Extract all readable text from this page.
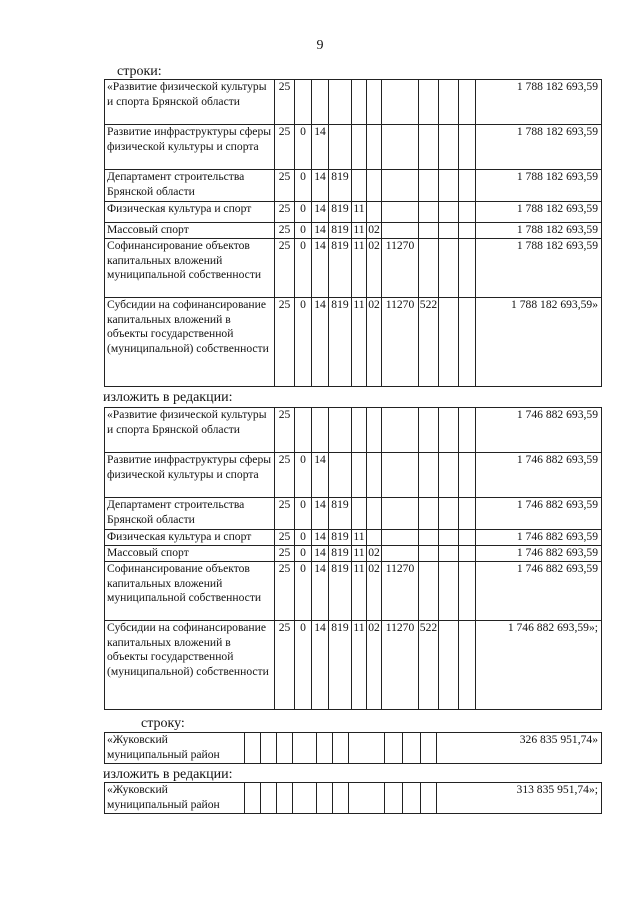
9
строки:
«Развитие физической культуры и спорта Брянской области	25										1 788 182 693,59
Развитие инфраструктуры сферы физической культуры и спорта	25	0	14								1 788 182 693,59
Департамент строительства Брянской области	25	0	14	819							1 788 182 693,59
Физическая культура и спорт	25	0	14	819	11						1 788 182 693,59
Массовый спорт	25	0	14	819	11	02					1 788 182 693,59
Софинансирование объектов капитальных вложений муниципальной собственности	25	0	14	819	11	02	11270				1 788 182 693,59
Субсидии на софинансирование капитальных вложений в объекты государственной (муниципальной) собственности	25	0	14	819	11	02	11270	522			1 788 182 693,59»
изложить в редакции:
«Развитие физической культуры и спорта Брянской области	25										1 746 882 693,59
Развитие инфраструктуры сферы физической культуры и спорта	25	0	14								1 746 882 693,59
Департамент строительства Брянской области	25	0	14	819							1 746 882 693,59
Физическая культура и спорт	25	0	14	819	11						1 746 882 693,59
Массовый спорт	25	0	14	819	11	02					1 746 882 693,59
Софинансирование объектов капитальных вложений муниципальной собственности	25	0	14	819	11	02	11270				1 746 882 693,59
Субсидии на софинансирование капитальных вложений в объекты государственной (муниципальной) собственности	25	0	14	819	11	02	11270	522			1 746 882 693,59»;
строку:
«Жуковский муниципальный район											326 835 951,74»
изложить в редакции:
«Жуковский муниципальный район											313 835 951,74»;
